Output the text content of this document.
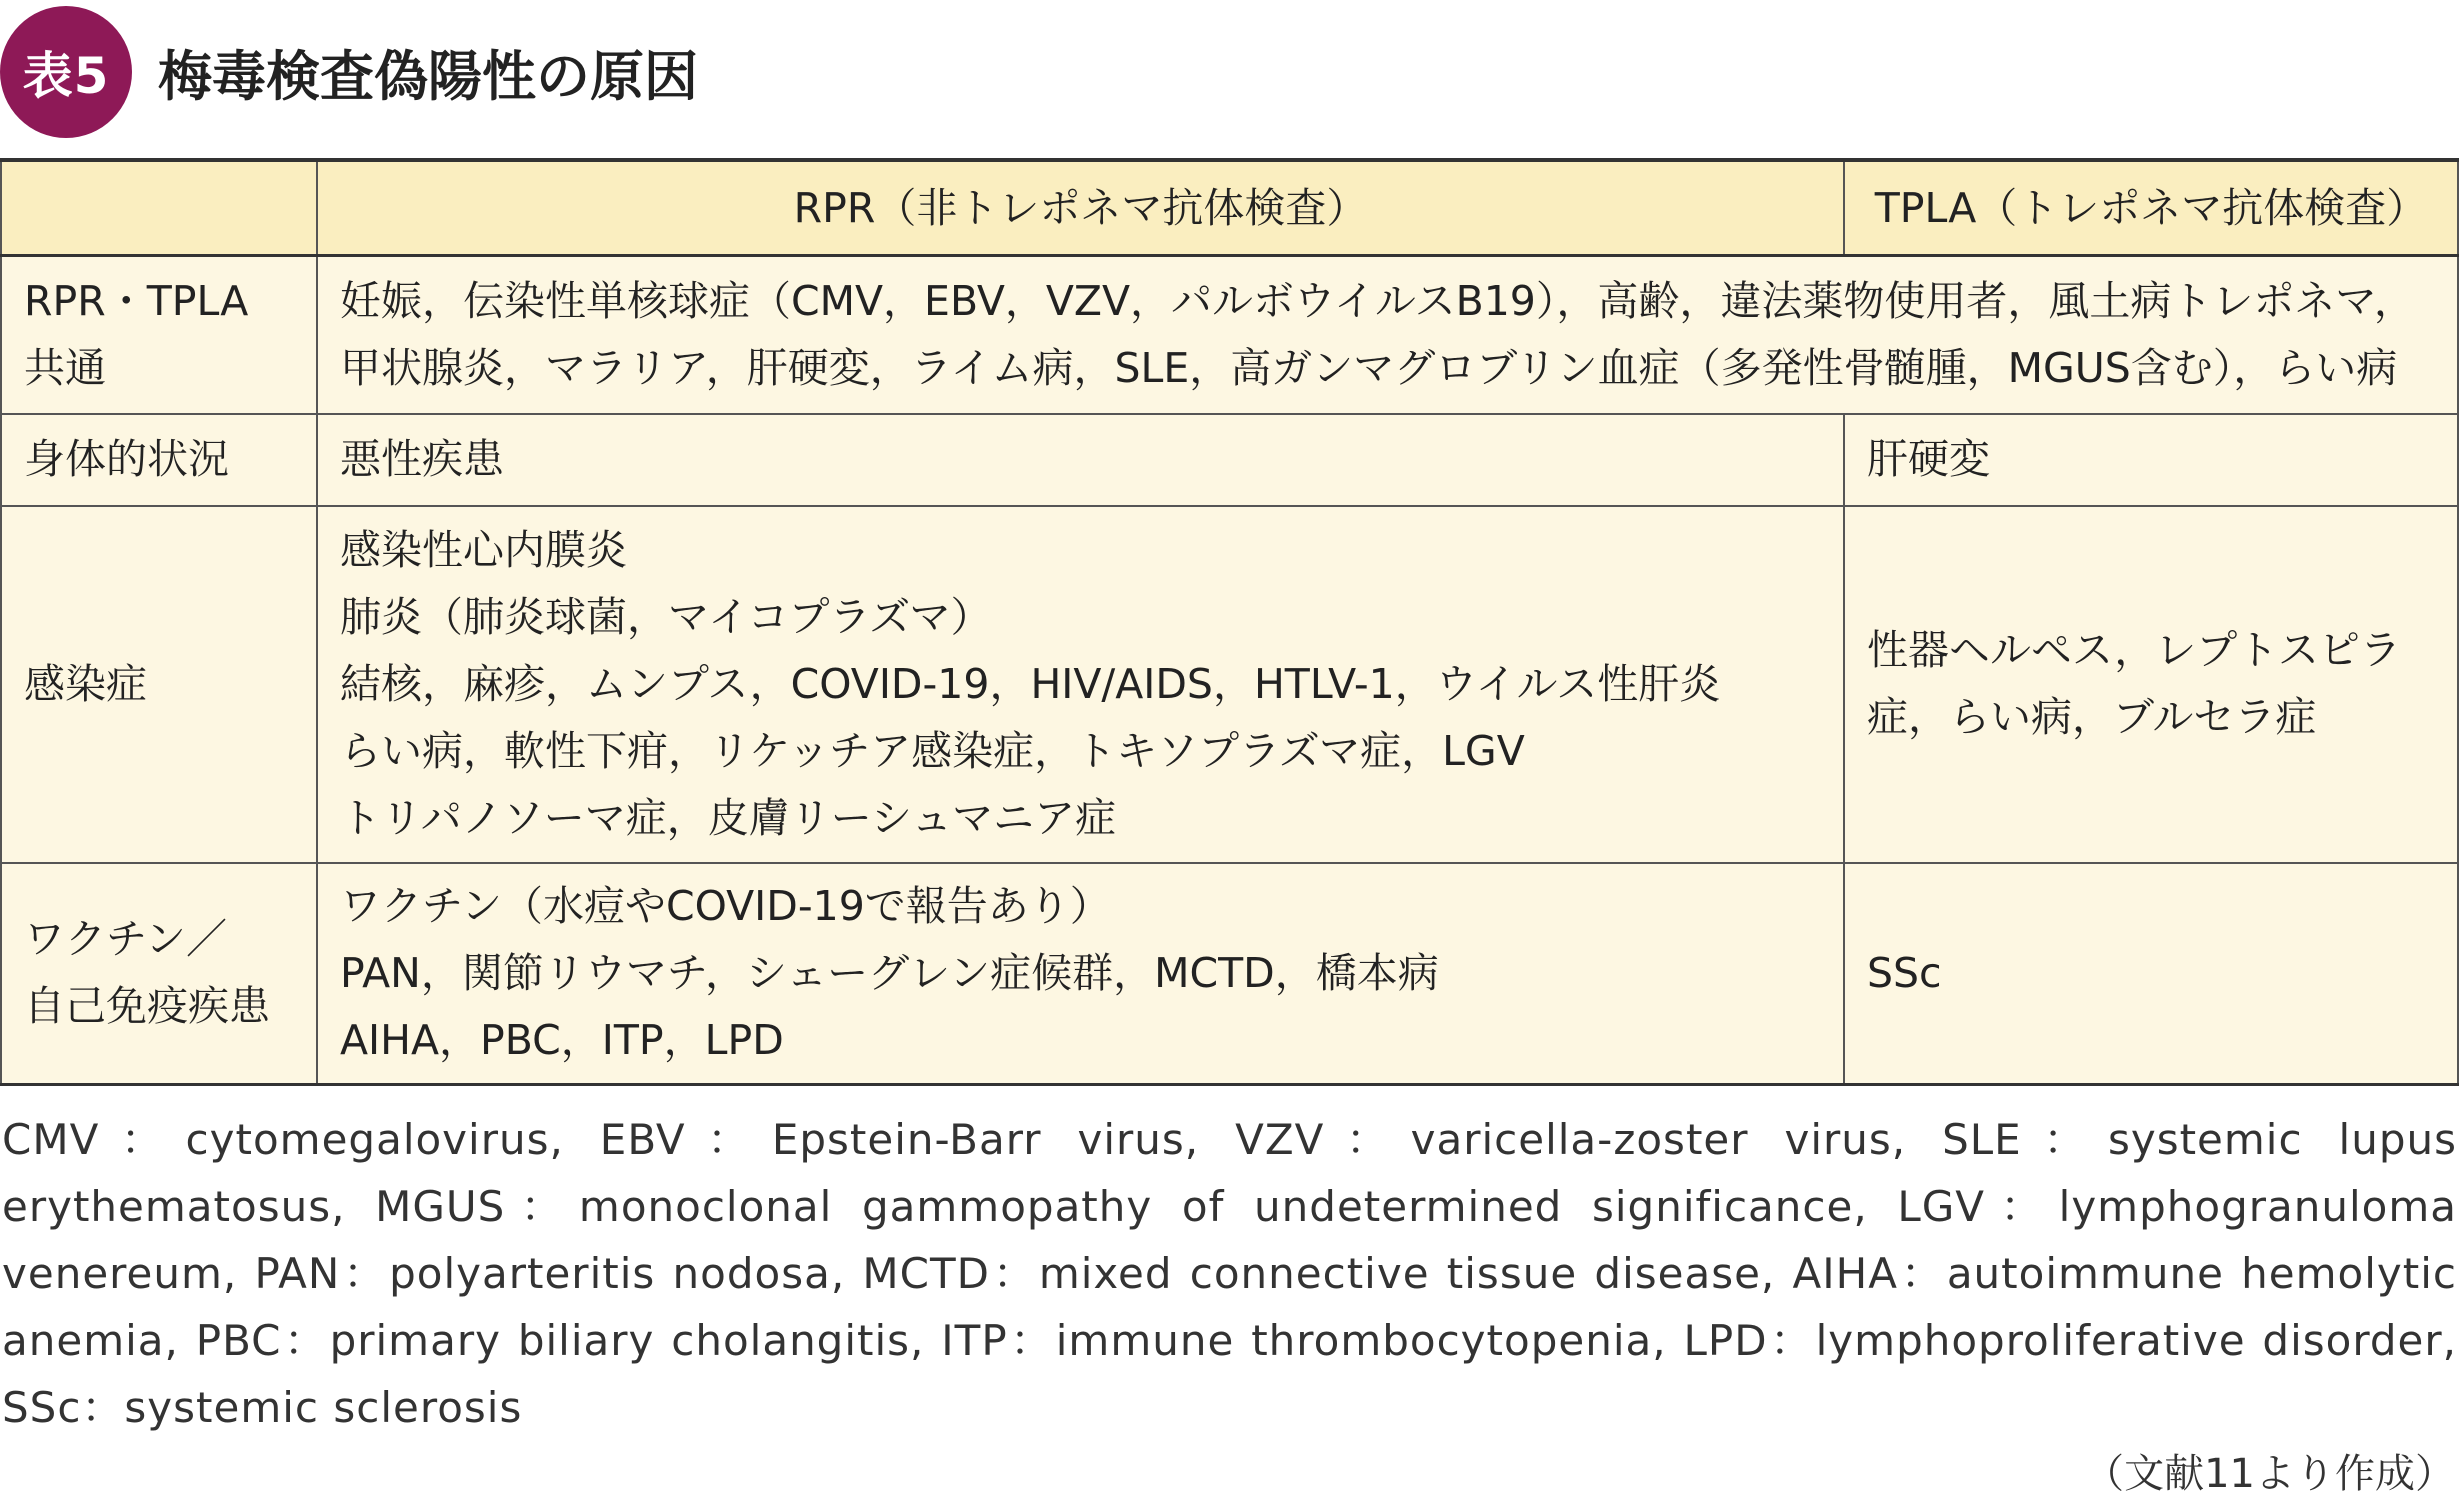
表5 梅毒検査偽陽性の原因
	RPR（非トレポネマ抗体検査）	TPLA（トレポネマ抗体検査）

RPR・TPLA
共通	妊娠，伝染性単核球症（CMV，EBV，VZV，パルボウイルスB19），高齢，違法薬物使用者，風土病トレポネマ，
甲状腺炎，マラリア，肝硬変，ライム病，SLE，高ガンマグロブリン血症（多発性骨髄腫，MGUS含む），らい病	

身体的状況	悪性疾患	肝硬変

感染症	感染性心内膜炎
肺炎（肺炎球菌，マイコプラズマ）
結核，麻疹，ムンプス，COVID-19，HIV/AIDS，HTLV-1，ウイルス性肝炎
らい病，軟性下疳，リケッチア感染症，トキソプラズマ症，LGV
トリパノソーマ症，皮膚リーシュマニア症	性器ヘルペス，レプトスピラ
症，らい病，ブルセラ症

ワクチン／
自己免疫疾患	ワクチン（水痘やCOVID-19で報告あり）
PAN，関節リウマチ，シェーグレン症候群，MCTD，橋本病
AIHA，PBC，ITP，LPD	SSc
CMV：cytomegalovirus, EBV：Epstein-Barr virus, VZV：varicella-zoster virus, SLE：systemic lupus erythematosus, MGUS：monoclonal gammopathy of undetermined significance, LGV：lymphogranuloma venereum, PAN：polyarteritis nodosa, MCTD：mixed connective tissue disease, AIHA：autoimmune hemolytic anemia, PBC：primary biliary cholangitis, ITP：immune thrombocytopenia, LPD：lymphoproliferative disorder, SSc：systemic sclerosis
（文献11より作成）
